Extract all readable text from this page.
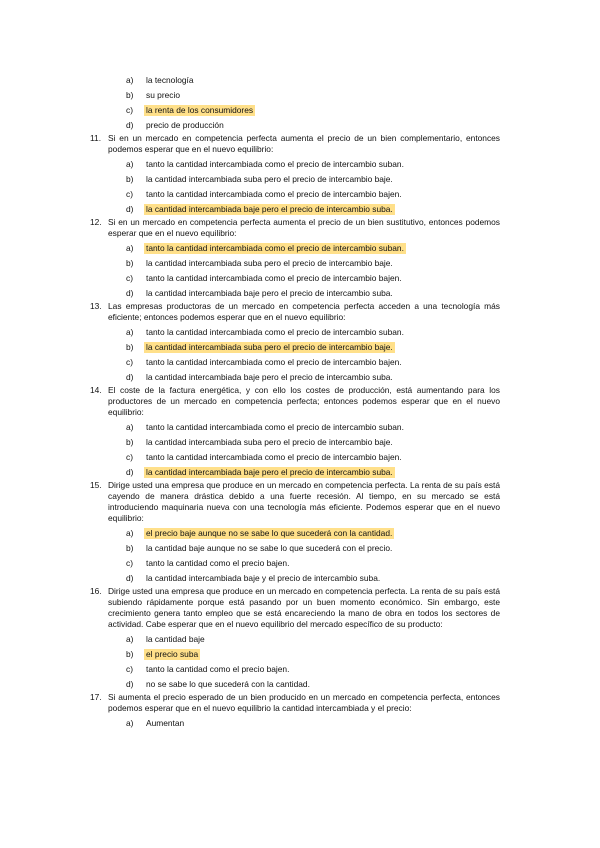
a)	la tecnología
b)	su precio
c)	la renta de los consumidores
d)	precio de producción
11. Si en un mercado en competencia perfecta aumenta el precio de un bien complementario, entonces podemos esperar que en el nuevo equilibrio:
a)	tanto la cantidad intercambiada como el precio de intercambio suban.
b)	la cantidad intercambiada suba pero el precio de intercambio baje.
c)	tanto la cantidad intercambiada como el precio de intercambio bajen.
d)	la cantidad intercambiada baje pero el precio de intercambio suba.
12. Si en un mercado en competencia perfecta aumenta el precio de un bien sustitutivo, entonces podemos esperar que en el nuevo equilibrio:
a)	tanto la cantidad intercambiada como el precio de intercambio suban.
b)	la cantidad intercambiada suba pero el precio de intercambio baje.
c)	tanto la cantidad intercambiada como el precio de intercambio bajen.
d)	la cantidad intercambiada baje pero el precio de intercambio suba.
13. Las empresas productoras de un mercado en competencia perfecta acceden a una tecnología más eficiente; entonces podemos esperar que en el nuevo equilibrio:
a)	tanto la cantidad intercambiada como el precio de intercambio suban.
b)	la cantidad intercambiada suba pero el precio de intercambio baje.
c)	tanto la cantidad intercambiada como el precio de intercambio bajen.
d)	la cantidad intercambiada baje pero el precio de intercambio suba.
14. El coste de la factura energética, y con ello los costes de producción, está aumentando para los productores de un mercado en competencia perfecta; entonces podemos esperar que en el nuevo equilibrio:
a)	tanto la cantidad intercambiada como el precio de intercambio suban.
b)	la cantidad intercambiada suba pero el precio de intercambio baje.
c)	tanto la cantidad intercambiada como el precio de intercambio bajen.
d)	la cantidad intercambiada baje pero el precio de intercambio suba.
15. Dirige usted una empresa que produce en un mercado en competencia perfecta. La renta de su país está cayendo de manera drástica debido a una fuerte recesión. Al tiempo, en su mercado se está introduciendo maquinaria nueva con una tecnología más eficiente. Podemos esperar que en el nuevo equilibrio:
a)	el precio baje aunque no se sabe lo que sucederá con la cantidad.
b)	la cantidad baje aunque no se sabe lo que sucederá con el precio.
c)	tanto la cantidad como el precio bajen.
d)	la cantidad intercambiada baje y el precio de intercambio suba.
16. Dirige usted una empresa que produce en un mercado en competencia perfecta. La renta de su país está subiendo rápidamente porque está pasando por un buen momento económico. Sin embargo, este crecimiento genera tanto empleo que se está encareciendo la mano de obra en todos los sectores de actividad. Cabe esperar que en el nuevo equilibrio del mercado específico de su producto:
a)	la cantidad baje
b)	el precio suba
c)	tanto la cantidad como el precio bajen.
d)	no se sabe lo que sucederá con la cantidad.
17. Si aumenta el precio esperado de un bien producido en un mercado en competencia perfecta, entonces podemos esperar que en el nuevo equilibrio la cantidad intercambiada y el precio:
a)	Aumentan
